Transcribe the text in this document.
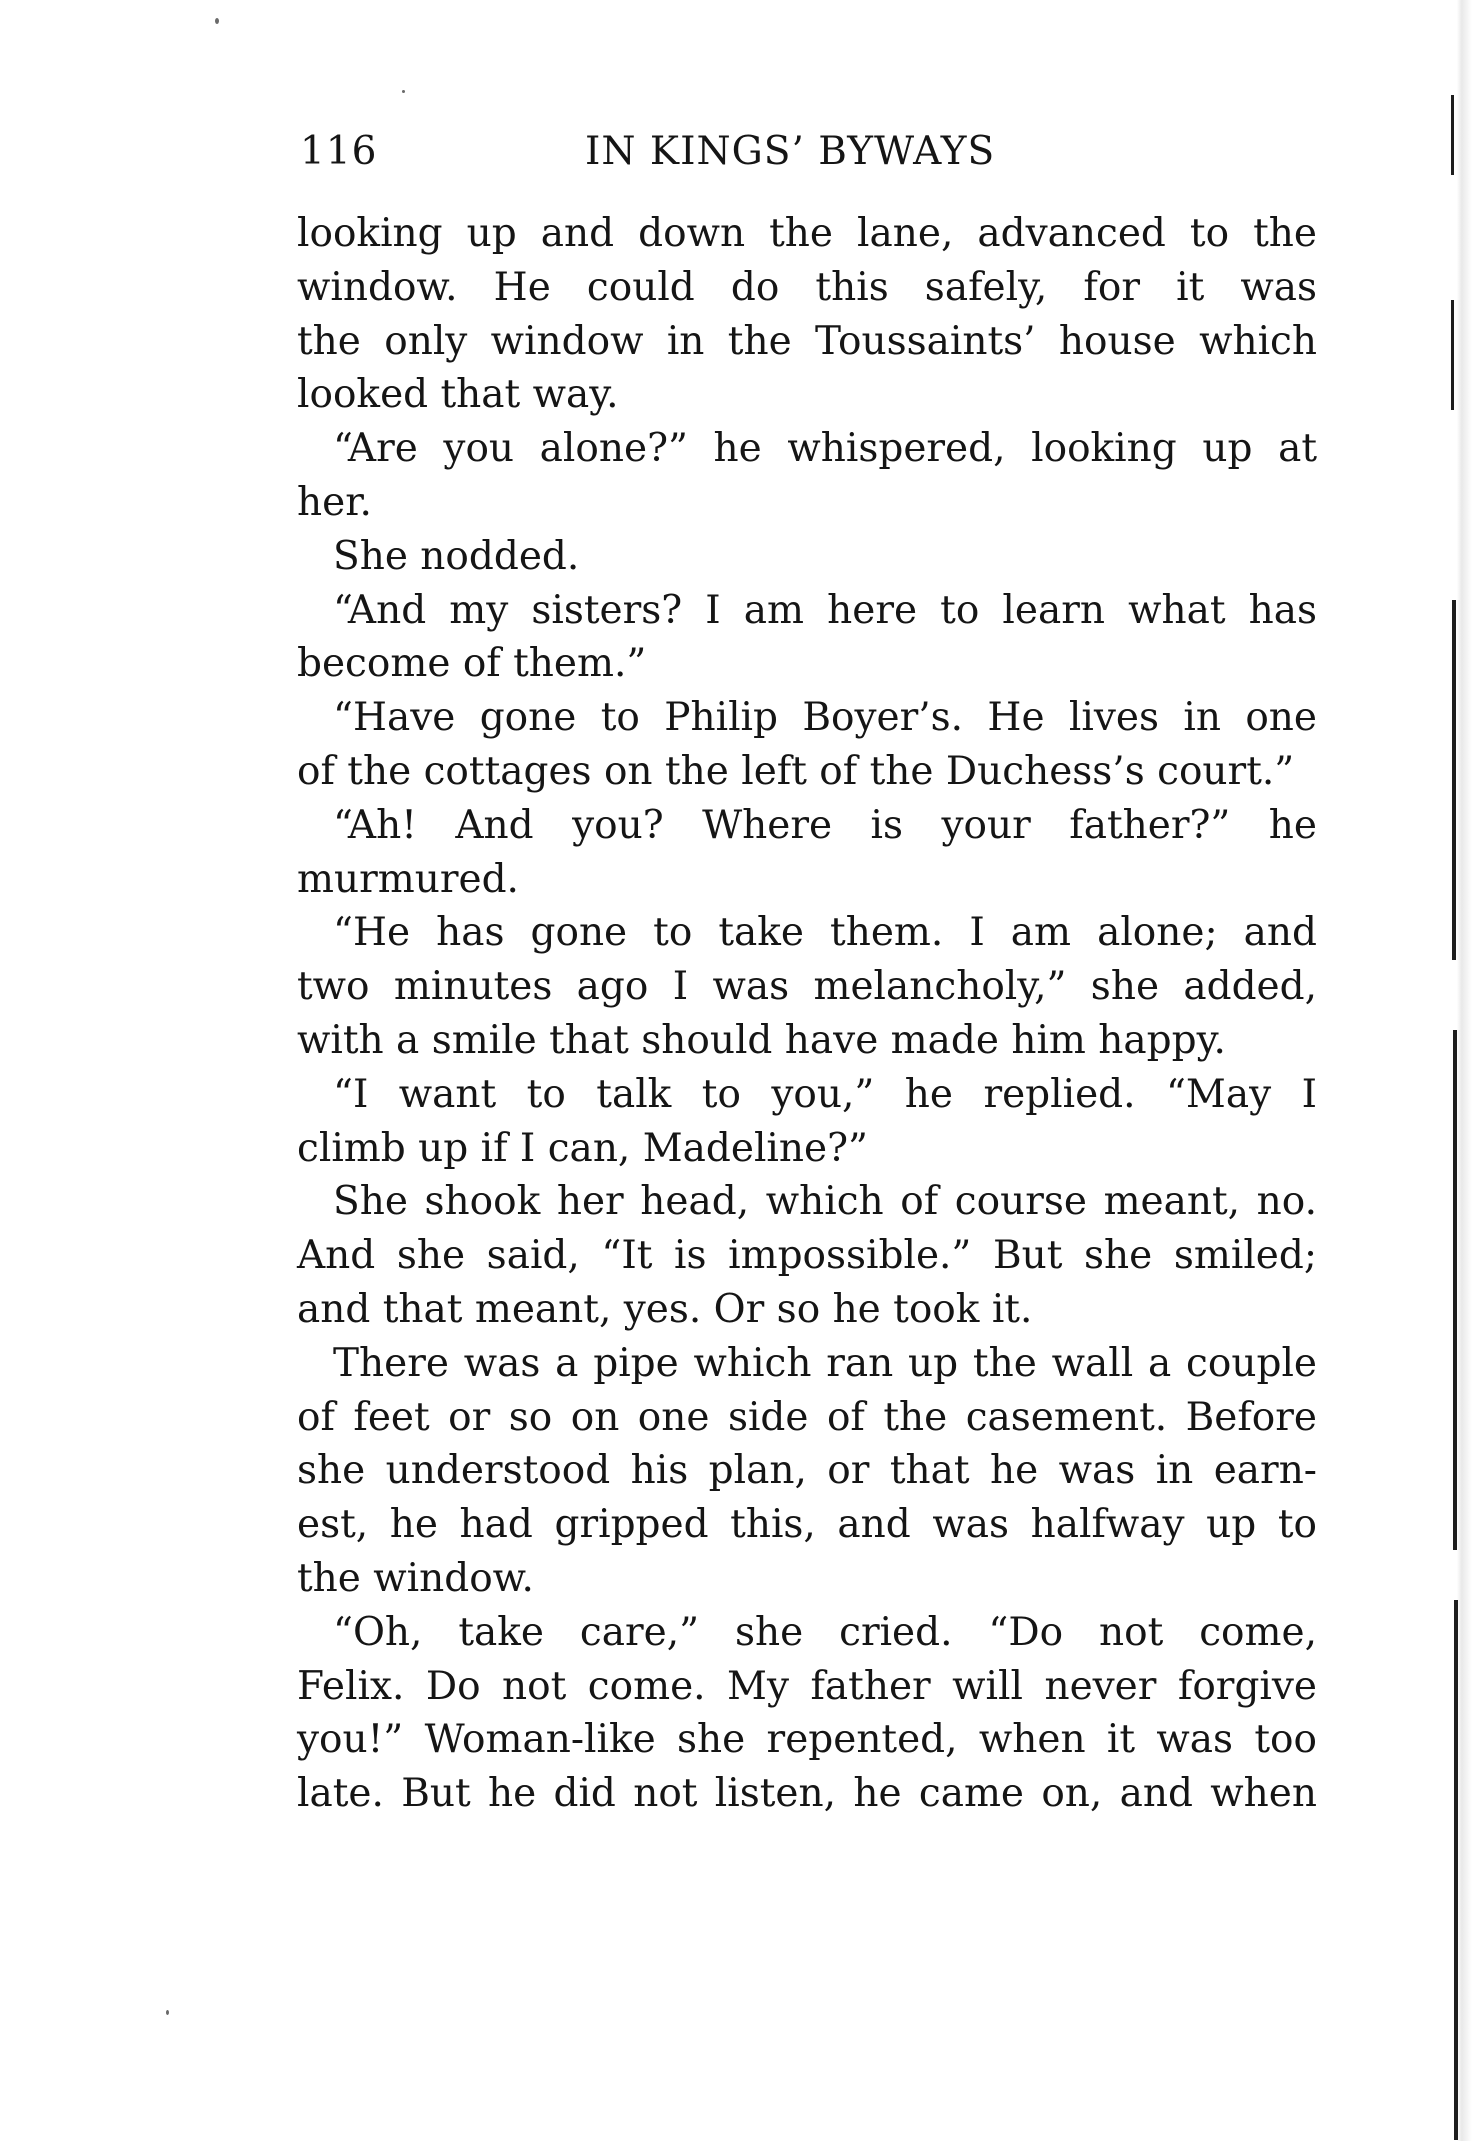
116	IN KINGS’ BYWAYS
looking up and down the lane, advanced to the
window. He could do this safely, for it was
the only window in the Toussaints’ house which
looked that way.
“Are you alone?” he whispered, looking up at
her.
She nodded.
“And my sisters? I am here to learn what has
become of them.”
“Have gone to Philip Boyer’s. He lives in one
of the cottages on the left of the Duchess’s court.”
“Ah! And you? Where is your father?” he
murmured.
“He has gone to take them. I am alone; and
two minutes ago I was melancholy,” she added,
with a smile that should have made him happy.
“I want to talk to you,” he replied. “May I
climb up if I can, Madeline?”
She shook her head, which of course meant, no.
And she said, “It is impossible.” But she smiled;
and that meant, yes. Or so he took it.
There was a pipe which ran up the wall a couple
of feet or so on one side of the casement. Before
she understood his plan, or that he was in earn-
est, he had gripped this, and was halfway up to
the window.
“Oh, take care,” she cried. “Do not come,
Felix. Do not come. My father will never forgive
you!” Woman-like she repented, when it was too
late. But he did not listen, he came on, and when
